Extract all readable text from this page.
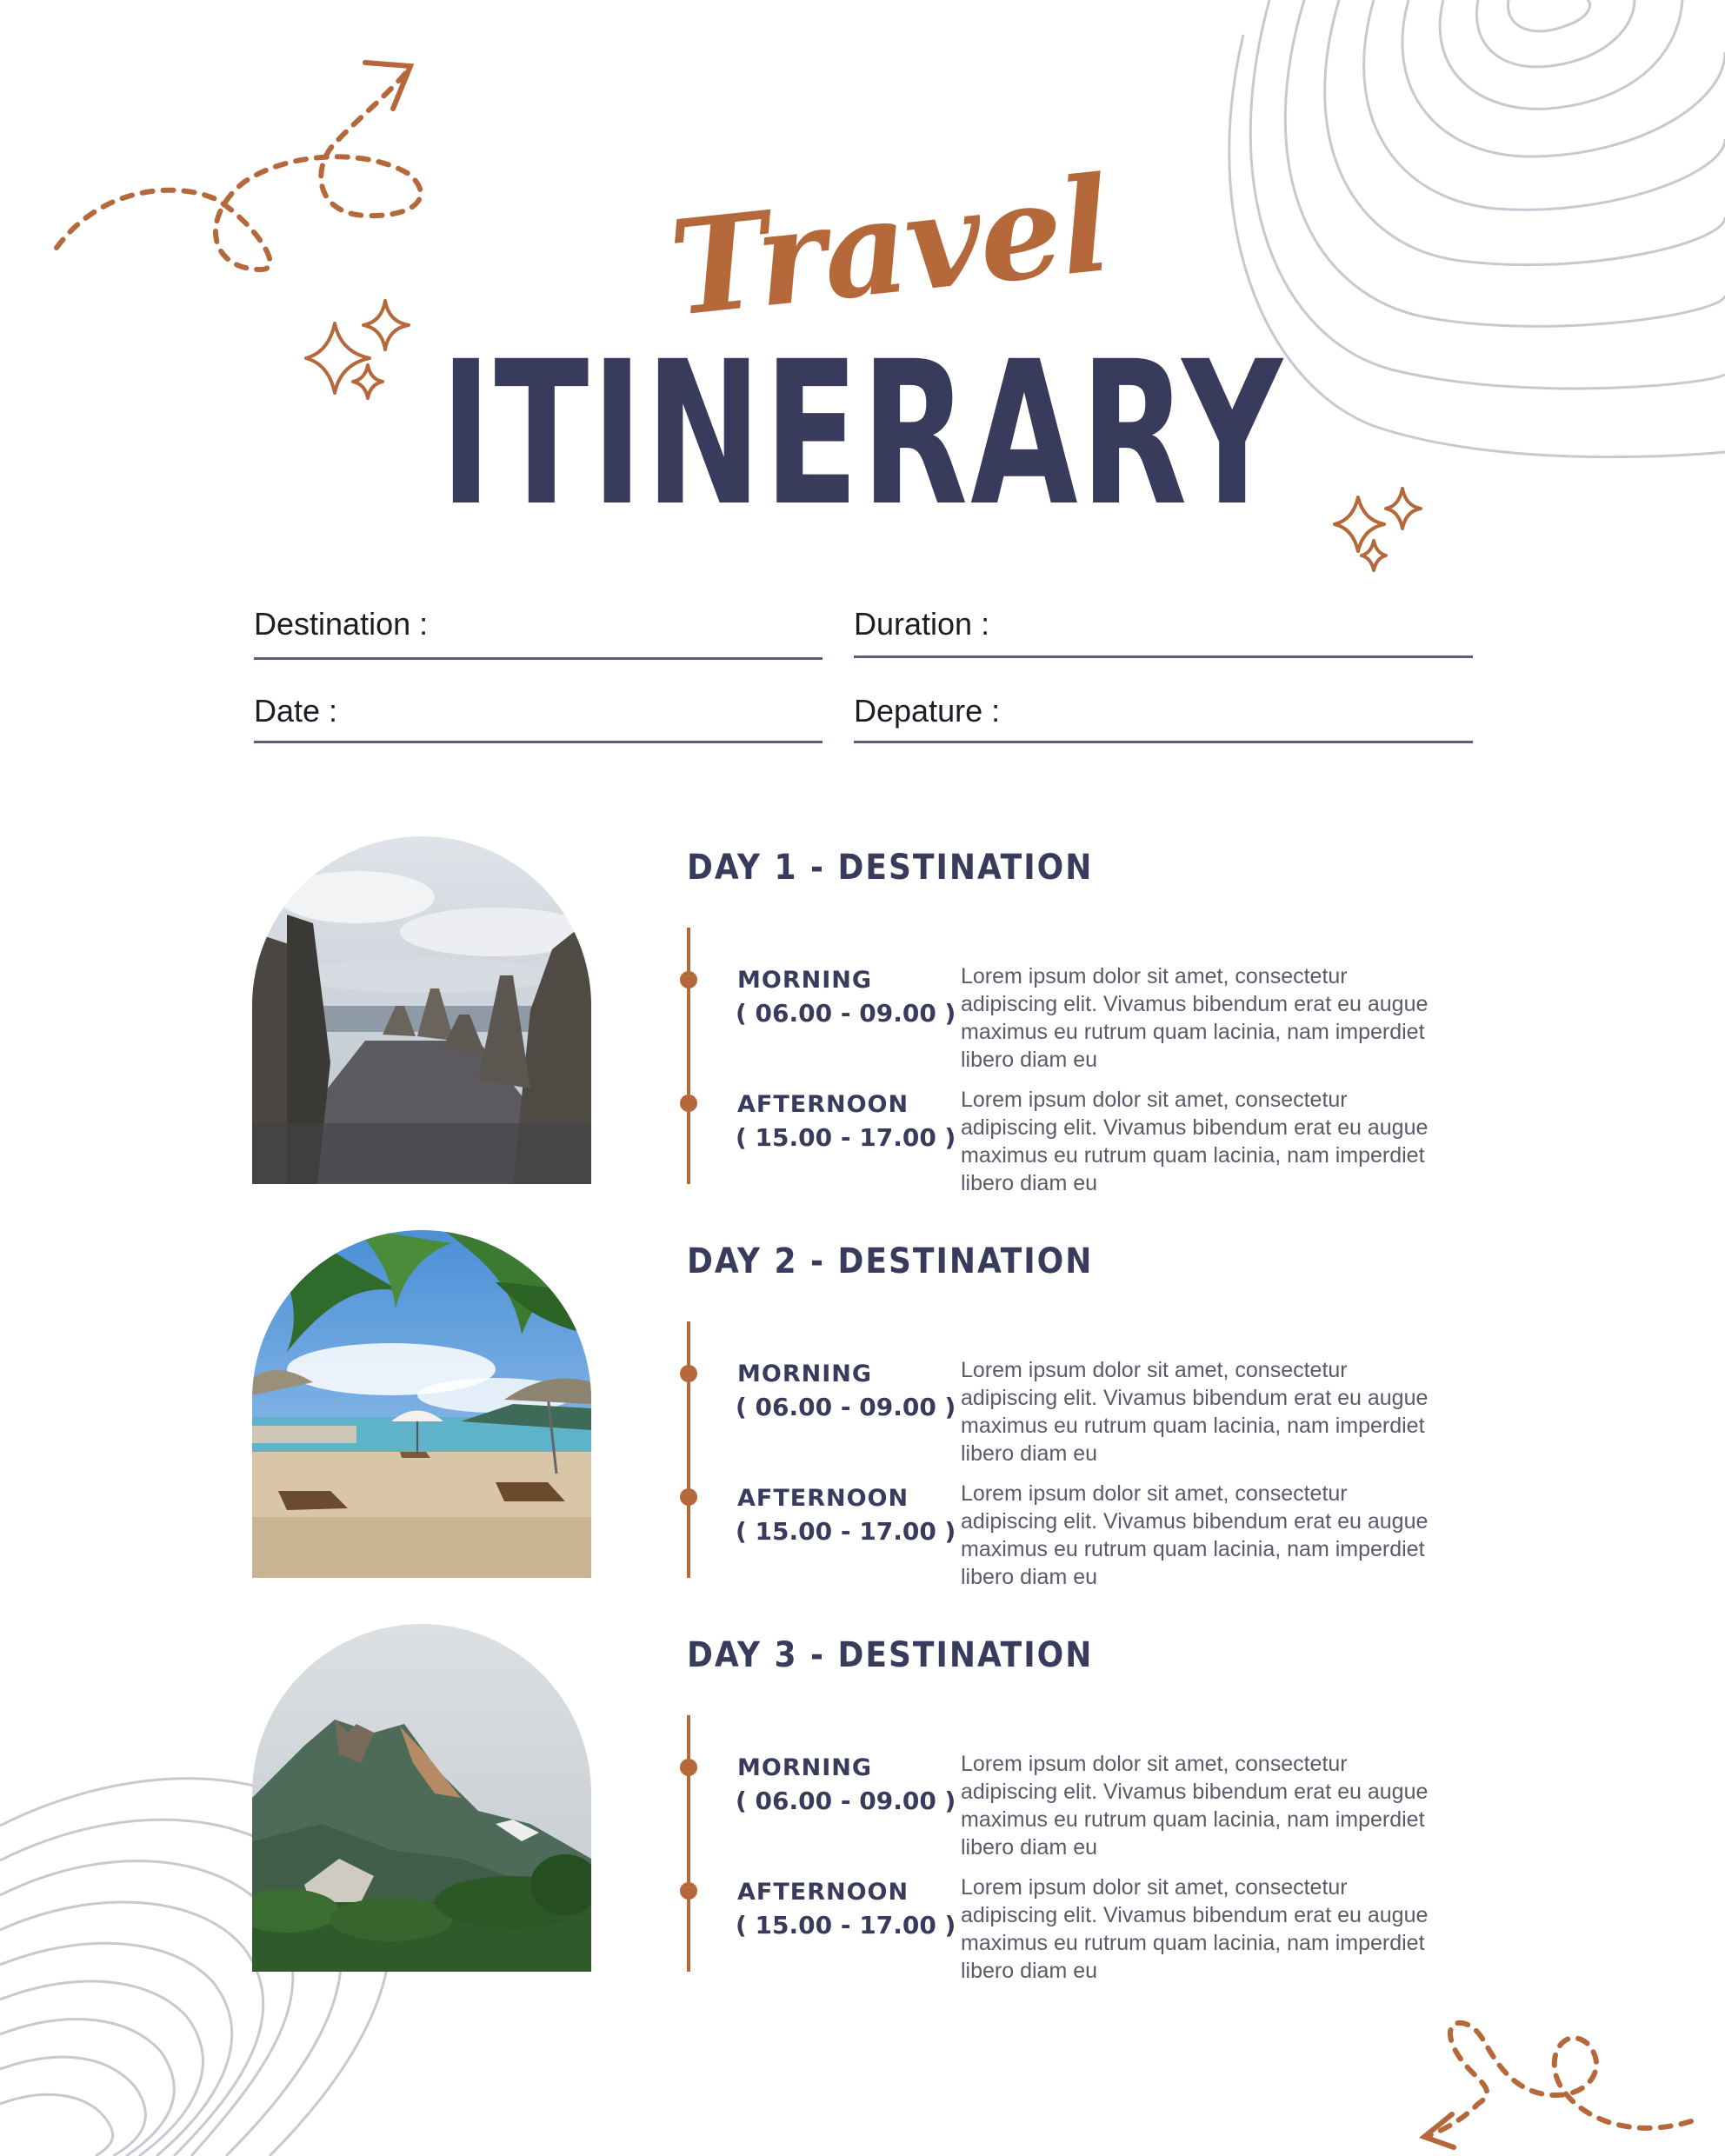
Travel
ITINERARY
Destination :	Duration :
Date :	Depature :
DAY 1 - DESTINATION
MORNING
( 06.00 - 09.00 )
Lorem ipsum dolor sit amet, consectetur adipiscing elit. Vivamus bibendum erat eu augue maximus eu rutrum quam lacinia, nam imperdiet libero diam eu
AFTERNOON
( 15.00 - 17.00 )
Lorem ipsum dolor sit amet, consectetur adipiscing elit. Vivamus bibendum erat eu augue maximus eu rutrum quam lacinia, nam imperdiet libero diam eu
DAY 2 - DESTINATION
MORNING
( 06.00 - 09.00 )
Lorem ipsum dolor sit amet, consectetur adipiscing elit. Vivamus bibendum erat eu augue maximus eu rutrum quam lacinia, nam imperdiet libero diam eu
AFTERNOON
( 15.00 - 17.00 )
Lorem ipsum dolor sit amet, consectetur adipiscing elit. Vivamus bibendum erat eu augue maximus eu rutrum quam lacinia, nam imperdiet libero diam eu
DAY 3 - DESTINATION
MORNING
( 06.00 - 09.00 )
Lorem ipsum dolor sit amet, consectetur adipiscing elit. Vivamus bibendum erat eu augue maximus eu rutrum quam lacinia, nam imperdiet libero diam eu
AFTERNOON
( 15.00 - 17.00 )
Lorem ipsum dolor sit amet, consectetur adipiscing elit. Vivamus bibendum erat eu augue maximus eu rutrum quam lacinia, nam imperdiet libero diam eu
